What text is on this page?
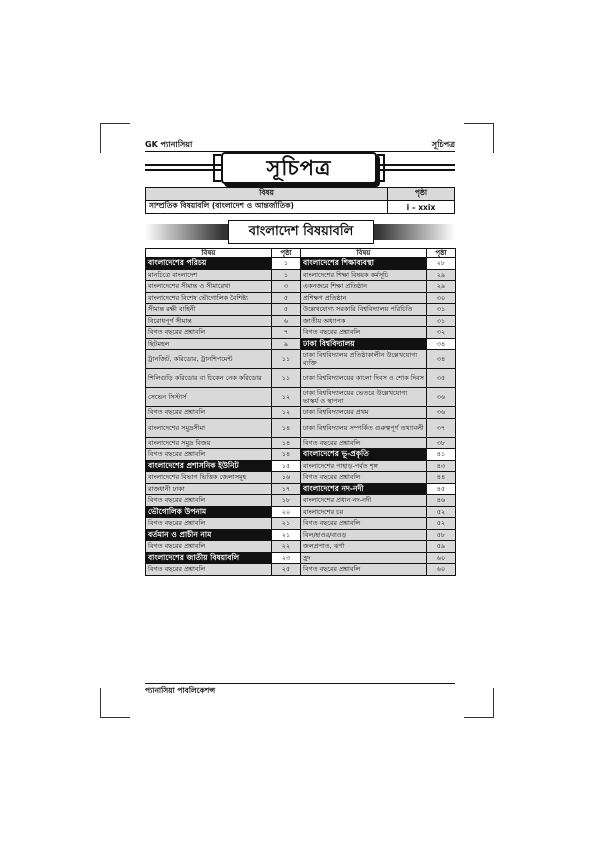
GK প্যানাসিয়া	সূচিপত্র
সূচিপত্র
বিষয়	পৃষ্ঠা
সাম্প্রতিক বিষয়াবলি (বাংলাদেশ ও আন্তর্জাতিক)	i – xxix
বাংলাদেশ বিষয়াবলি
বিষয়	পৃষ্ঠা	বিষয়	পৃষ্ঠা
বাংলাদেশের পরিচয়	১	বাংলাদেশের শিক্ষাব্যবস্থা	২৮
মানচিত্রে বাংলাদেশ	১	বাংলাদেশের শিক্ষা বিষয়ক কর্মসূচি	২৯
বাংলাদেশের সীমান্ত ও সীমারেখা	৩	একনজরে শিক্ষা প্রতিষ্ঠান	২৯
বাংলাদেশের বিশেষ ভৌগোলিক বৈশিষ্ট্য	৫	প্রশিক্ষণ প্রতিষ্ঠান	৩০
সীমান্ত রক্ষী বাহিনী	৫	উল্লেখযোগ্য সরকারি বিশ্ববিদ্যালয় পরিচিতি	৩১
বিরোধপূর্ণ সীমান্ত	৬	জাতীয় অধ্যাপক	৩১
বিগত বছরের প্রশ্নাবলি	৭	বিগত বছরের প্রশ্নাবলি	৩২
ছিটমহল	৯	ঢাকা বিশ্ববিদ্যালয়	৩৪
ট্রানজিট, করিডোর, ট্রানশিপমেন্ট	১১	ঢাকা বিশ্ববিদ্যালয় প্রতিষ্ঠাকালীন উল্লেখযোগ্য ব্যক্তি	৩৪
শিলিগুড়ি করিডোর বা চিকেন নেক করিডোর	১১	ঢাকা বিশ্ববিদ্যালয়ের কালো দিবস ও শোক দিবস	৩৫
সেভেন সিস্টার্স	১২	ঢাকা বিশ্ববিদ্যালয়ের ভেতরে উল্লেখযোগ্য ভাস্কর্য ও স্থাপনা	৩৬
বিগত বছরের প্রশ্নাবলি	১২	ঢাকা বিশ্ববিদ্যালয়ের প্রথম	৩৬
বাংলাদেশের সমুদ্রসীমা	১৪	ঢাকা বিশ্ববিদ্যালয় সম্পর্কিত গুরুত্বপূর্ণ তথ্যাবলী	৩৭
বাংলাদেশের সমুদ্র বিজয়	১৪	বিগত বছরের প্রশ্নাবলি	৩৮
বিগত বছরের প্রশ্নাবলি	১৪	বাংলাদেশের ভূ-প্রকৃতি	৪১
বাংলাদেশের প্রশাসনিক ইউনিট	১৫	বাংলাদেশের পাহাড়-পর্বত শৃঙ্গ	৪৩
বাংলাদেশের বিভাগ ভিত্তিক জেলাসমূহ	১৬	বিগত বছরের প্রশ্নাবলি	৪৪
রাজধানী ঢাকা	১৭	বাংলাদেশের নদ-নদী	৪৫
বিগত বছরের প্রশ্নাবলি	১৮	বাংলাদেশের প্রধান নদ-নদী	৪৬
ভৌগোলিক উপনাম	২০	বাংলাদেশের চর	৫২
বিগত বছরের প্রশ্নাবলি	২১	বিগত বছরের প্রশ্নাবলি	৫২
বর্তমান ও প্রাচীন নাম	২১	বিল/হাওর/বাওড়	৫৮
বিগত বছরের প্রশ্নাবলি	২২	জলপ্রপাত, ঝর্ণা	৫৯
বাংলাদেশের জাতীয় বিষয়াবলি	২৩	হ্রদ	৬০
বিগত বছরের প্রশ্নাবলি	২৫	বিগত বছরের প্রশ্নাবলি	৬০
প্যানাসিয়া পাবলিকেশন্স
